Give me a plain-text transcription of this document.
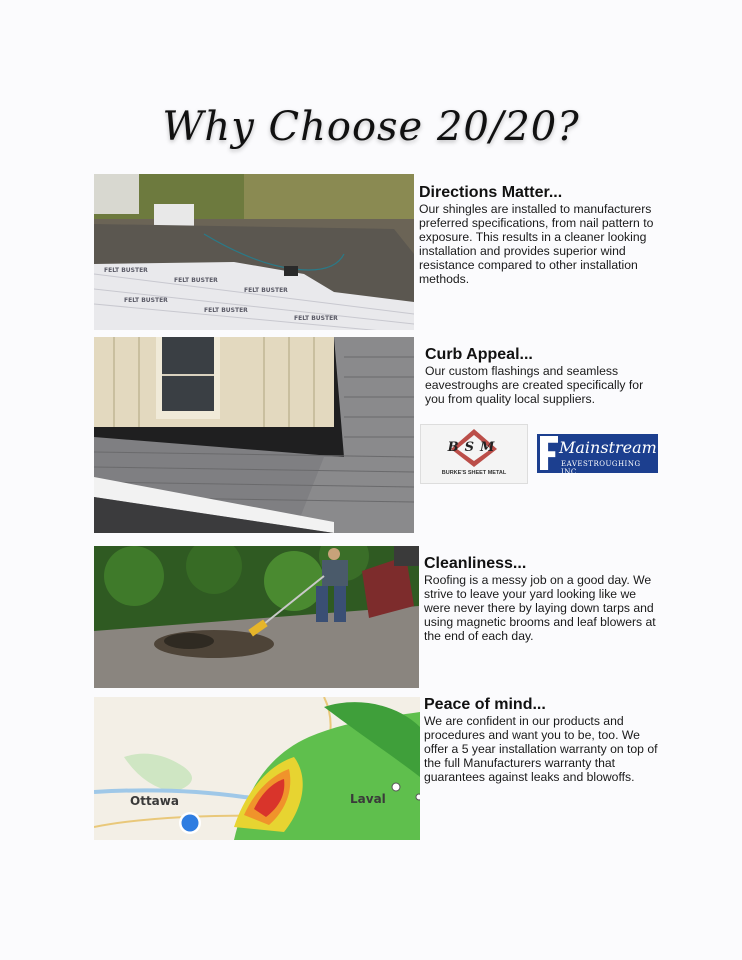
Why Choose 20/20?
FELT BUSTER
FELT BUSTER
FELT BUSTER
FELT BUSTER
FELT BUSTER
FELT BUSTER
Ottawa	Laval
Directions Matter...

Our shingles are installed to manufacturers preferred specifications, from nail pattern to exposure. This results in a cleaner looking installation and provides superior wind resistance compared to other installation methods.

Curb Appeal...

Our custom flashings and seamless eavestroughs are created specifically for you from quality local suppliers.

BSM
BURKE'S SHEET METAL
Mainstream
EAVESTROUGHING INC.
Cleanliness...

Roofing is a messy job on a good day. We strive to leave your yard looking like we were never there by laying down tarps and using magnetic brooms and leaf blowers at the end of each day.

Peace of mind...

We are confident in our products and procedures and want you to be, too. We offer a 5 year installation warranty on top of the full Manufacturers warranty that guarantees against leaks and blowoffs.
